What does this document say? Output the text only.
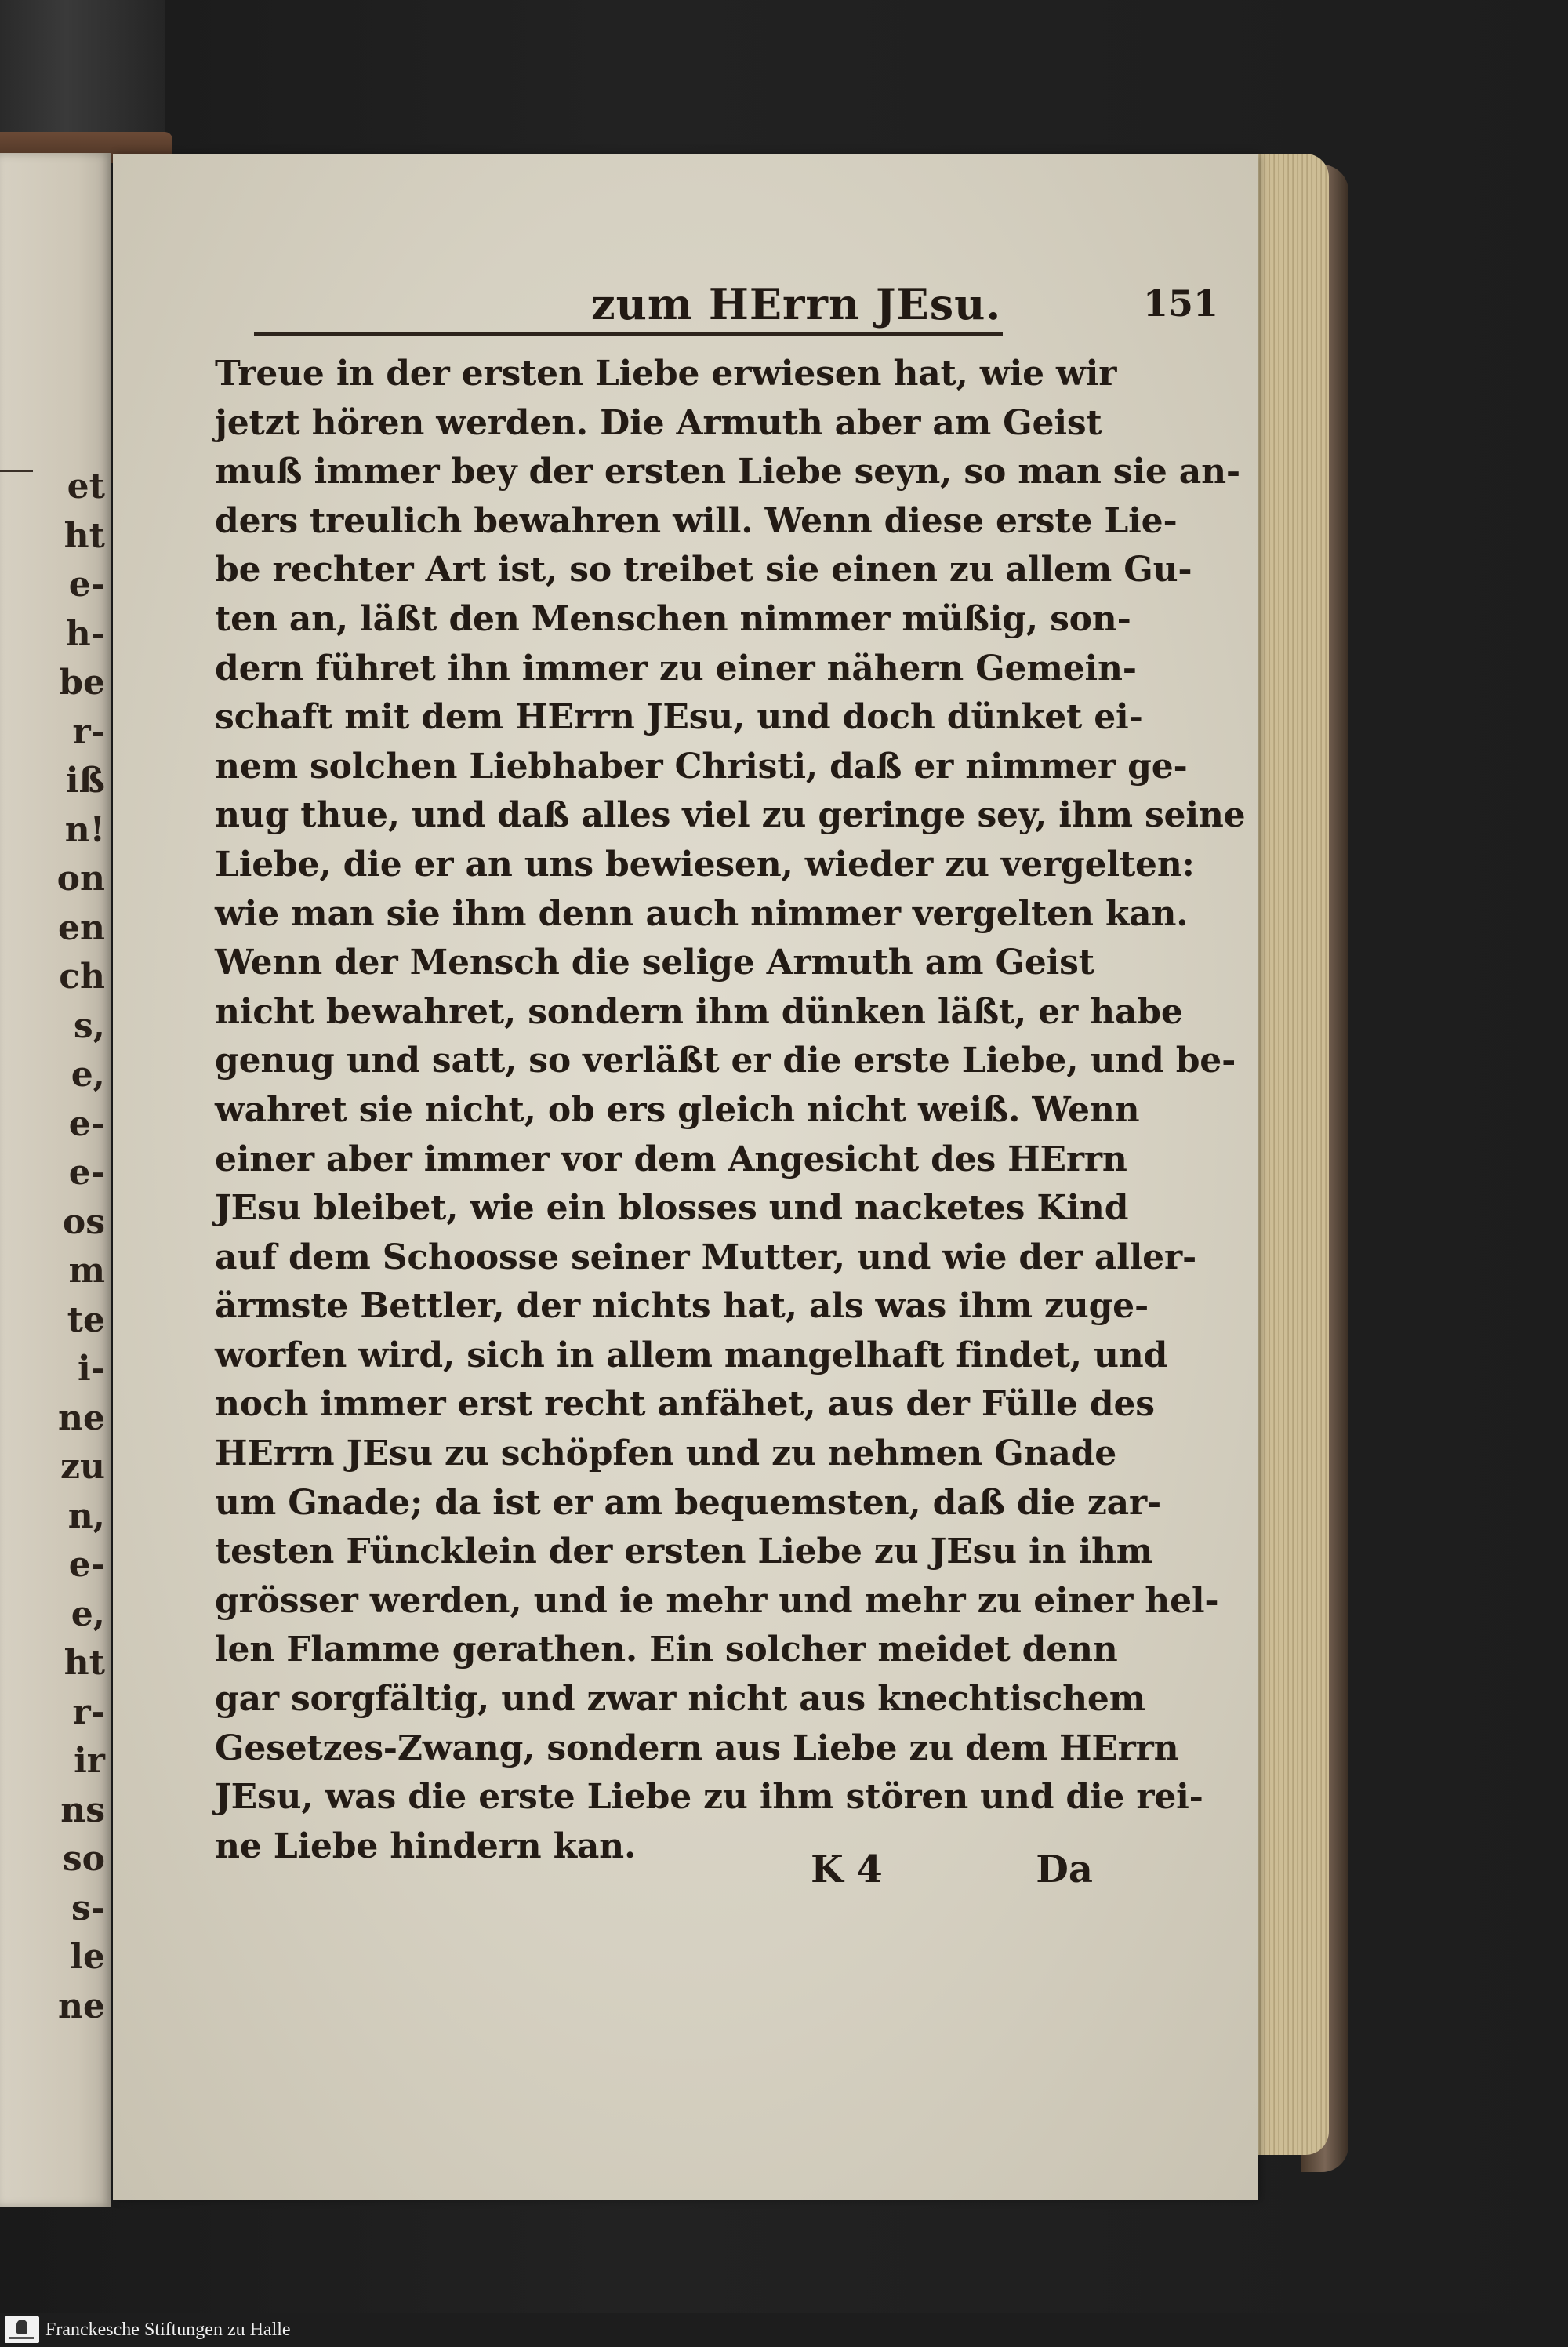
et
ht
e-
h-
be
r-
iß
n!
on
en
ch
s,
e,
e-
e-
os
m
te
i-
ne
zu
n,
e-
e,
ht
r-
ir
ns
so
s-
le
ne
zum HErrn JEsu.	151
Treue in der ersten Liebe erwiesen hat, wie wir
jetzt hören werden. Die Armuth aber am Geist
muß immer bey der ersten Liebe seyn, so man sie an-
ders treulich bewahren will. Wenn diese erste Lie-
be rechter Art ist, so treibet sie einen zu allem Gu-
ten an, läßt den Menschen nimmer müßig, son-
dern führet ihn immer zu einer nähern Gemein-
schaft mit dem HErrn JEsu, und doch dünket ei-
nem solchen Liebhaber Christi, daß er nimmer ge-
nug thue, und daß alles viel zu geringe sey, ihm seine
Liebe, die er an uns bewiesen, wieder zu vergelten:
wie man sie ihm denn auch nimmer vergelten kan.
Wenn der Mensch die selige Armuth am Geist
nicht bewahret, sondern ihm dünken läßt, er habe
genug und satt, so verläßt er die erste Liebe, und be-
wahret sie nicht, ob ers gleich nicht weiß. Wenn
einer aber immer vor dem Angesicht des HErrn
JEsu bleibet, wie ein blosses und nacketes Kind
auf dem Schoosse seiner Mutter, und wie der aller-
ärmste Bettler, der nichts hat, als was ihm zuge-
worfen wird, sich in allem mangelhaft findet, und
noch immer erst recht anfähet, aus der Fülle des
HErrn JEsu zu schöpfen und zu nehmen Gnade
um Gnade; da ist er am bequemsten, daß die zar-
testen Füncklein der ersten Liebe zu JEsu in ihm
grösser werden, und ie mehr und mehr zu einer hel-
len Flamme gerathen. Ein solcher meidet denn
gar sorgfältig, und zwar nicht aus knechtischem
Gesetzes-Zwang, sondern aus Liebe zu dem HErrn
JEsu, was die erste Liebe zu ihm stören und die rei-
ne Liebe hindern kan.
K 4	Da
Franckesche Stiftungen zu Halle
